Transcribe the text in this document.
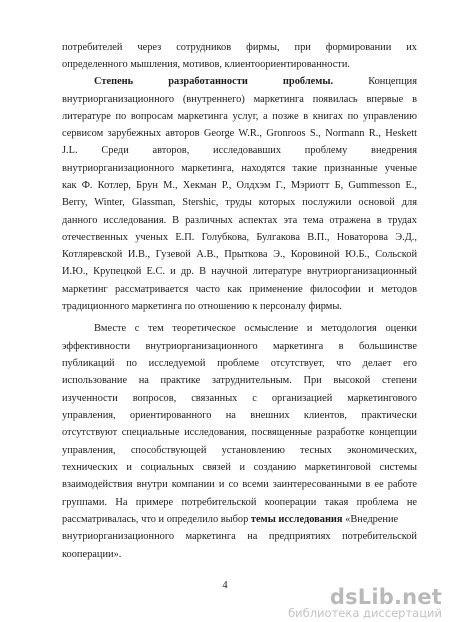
потребителей через сотрудников фирмы, при формировании их
определенного мышления, мотивов, клиентоориентированности.
Степень разработанности проблемы.	Концепция
внутриорганизационного (внутреннего) маркетинга появилась впервые в
литературе по вопросам маркетинга услуг, а позже в книгах по управлению
сервисом зарубежных авторов George W.R., Gronroos S., Normann R., Heskett
J.L. Среди авторов, исследовавших проблему внедрения
внутриорганизационного маркетинга, находятся такие признанные ученые
как Ф. Котлер, Брун М., Хекман Р., Олдхэм Г., Мэриотт Б, Gummesson E.,
Berry, Winter, Glassman, Stershic, труды которых послужили основой для
данного исследования. В различных аспектах эта тема отражена в трудах
отечественных ученых Е.П. Голубкова, Булгакова В.П., Новаторова Э.Д.,
Котляревской И.В., Гузевой А.В., Прыткова Э., Коровиной Ю.Б., Сольской
И.Ю., Крупецкой Е.С. и др. В научной литературе внутриорганизационный
маркетинг рассматривается часто как применение философии и методов
традиционного маркетинга по отношению к персоналу фирмы.
Вместе с тем теоретическое осмысление и методология оценки
эффективности внутриорганизационного маркетинга в большинстве
публикаций по исследуемой проблеме отсутствует, что делает его
использование на практике затруднительным. При высокой степени
изученности вопросов, связанных с организацией маркетингового
управления, ориентированного на внешних клиентов, практически
отсутствуют специальные исследования, посвященные разработке концепции
управления, способствующей установлению тесных экономических,
технических и социальных связей и созданию маркетинговой системы
взаимодействия внутри компании и со всеми заинтересованными в ее работе
группами. На примере потребительской кооперации такая проблема не
рассматривалась, что и определило выбор темы исследования «Внедрение
внутриорганизационного маркетинга на предприятиях потребительской
кооперации».
4	dsLib.net
библиотека диссертаций
